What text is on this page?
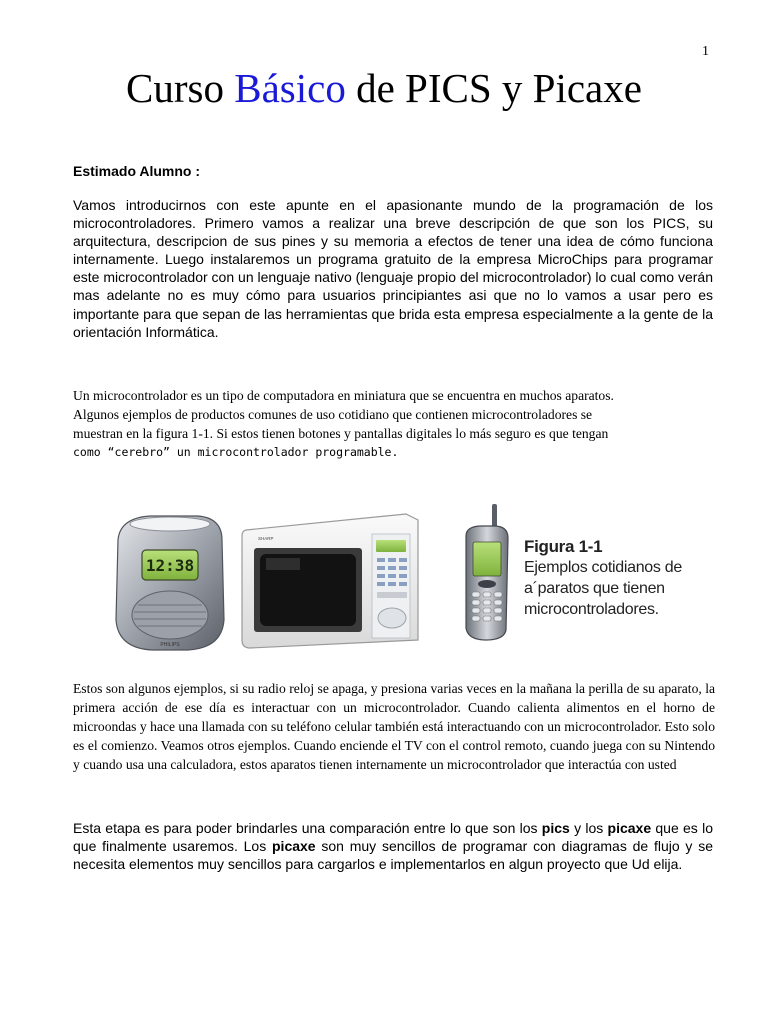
1
Curso Básico de PICS y Picaxe
Estimado Alumno :
Vamos introducirnos con este apunte en el apasionante mundo de la programación de los microcontroladores. Primero vamos a realizar una breve descripción de que son los PICS, su arquitectura, descripcion de sus pines y su memoria a efectos de tener una idea de cómo funciona internamente. Luego instalaremos un programa gratuito de la empresa MicroChips para programar este microcontrolador con un lenguaje nativo (lenguaje propio del microcontrolador) lo cual como verán mas adelante no es muy cómo para usuarios principiantes asi que no lo vamos a usar pero es importante para que sepan de las herramientas que brida esta empresa especialmente a la gente de la orientación Informática.
Un microcontrolador es un tipo de computadora en miniatura que se encuentra en muchos aparatos.
Algunos ejemplos de productos comunes de uso cotidiano que contienen microcontroladores se
muestran en la figura 1-1. Si estos tienen botones y pantallas digitales lo más seguro es que tengan
como “cerebro” un microcontrolador programable.
12:38
PHILIPS
SHARP	Figura 1-1
Ejemplos cotidianos de
a´paratos que tienen
microcontroladores.
Estos son algunos ejemplos, si su radio reloj se apaga, y presiona varias veces en la mañana la perilla de su aparato, la primera acción de ese día es interactuar con un microcontrolador. Cuando calienta alimentos en el horno de microondas y hace una llamada con su teléfono celular también está interactuando con un microcontrolador. Esto solo es el comienzo. Veamos otros ejemplos. Cuando enciende el TV con el control remoto, cuando juega con su Nintendo y cuando usa una calculadora, estos aparatos tienen internamente un microcontrolador que interactúa con usted
Esta etapa es para poder brindarles una comparación entre lo que son los pics y los picaxe que es lo que finalmente usaremos. Los picaxe son muy sencillos de programar con diagramas de flujo y se necesita elementos muy sencillos para cargarlos e implementarlos en algun proyecto que Ud elija.
